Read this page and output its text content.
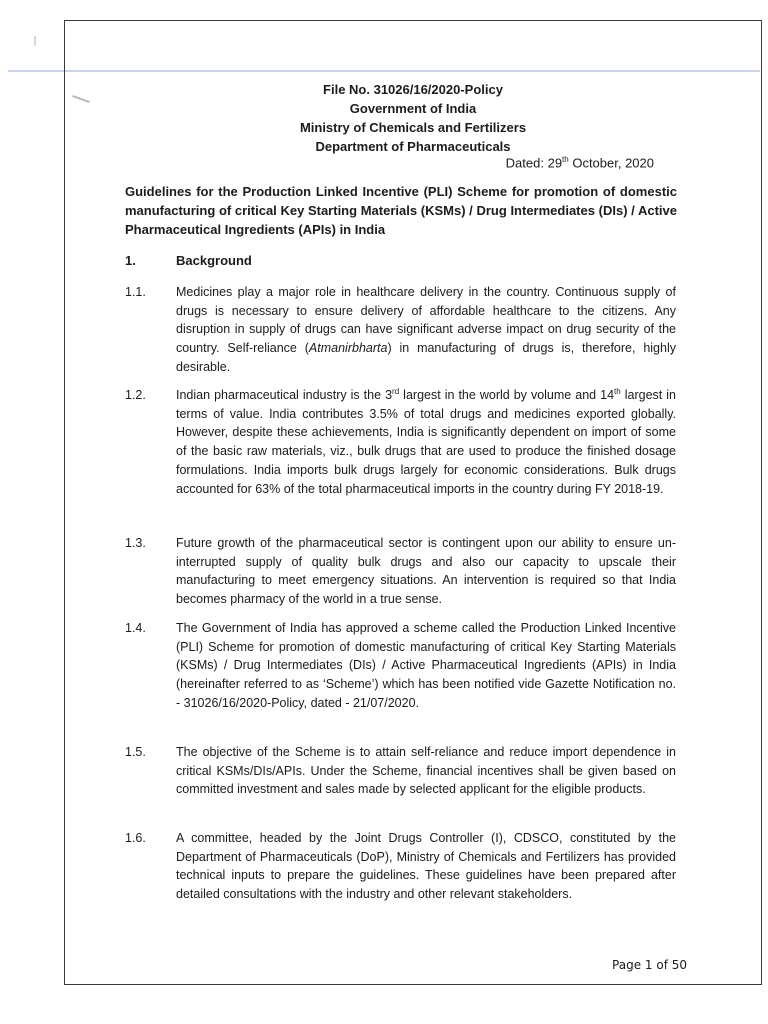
File No. 31026/16/2020-Policy
Government of India
Ministry of Chemicals and Fertilizers
Department of Pharmaceuticals
Dated: 29th October, 2020
Guidelines for the Production Linked Incentive (PLI) Scheme for promotion of domestic manufacturing of critical Key Starting Materials (KSMs) / Drug Intermediates (DIs) / Active Pharmaceutical Ingredients (APIs) in India
1.	Background
1.1. Medicines play a major role in healthcare delivery in the country. Continuous supply of drugs is necessary to ensure delivery of affordable healthcare to the citizens. Any disruption in supply of drugs can have significant adverse impact on drug security of the country. Self-reliance (Atmanirbharta) in manufacturing of drugs is, therefore, highly desirable.
1.2. Indian pharmaceutical industry is the 3rd largest in the world by volume and 14th largest in terms of value. India contributes 3.5% of total drugs and medicines exported globally. However, despite these achievements, India is significantly dependent on import of some of the basic raw materials, viz., bulk drugs that are used to produce the finished dosage formulations. India imports bulk drugs largely for economic considerations. Bulk drugs accounted for 63% of the total pharmaceutical imports in the country during FY 2018-19.
1.3. Future growth of the pharmaceutical sector is contingent upon our ability to ensure un-interrupted supply of quality bulk drugs and also our capacity to upscale their manufacturing to meet emergency situations. An intervention is required so that India becomes pharmacy of the world in a true sense.
1.4. The Government of India has approved a scheme called the Production Linked Incentive (PLI) Scheme for promotion of domestic manufacturing of critical Key Starting Materials (KSMs) / Drug Intermediates (DIs) / Active Pharmaceutical Ingredients (APIs) in India (hereinafter referred to as ‘Scheme’) which has been notified vide Gazette Notification no. - 31026/16/2020-Policy, dated - 21/07/2020.
1.5. The objective of the Scheme is to attain self-reliance and reduce import dependence in critical KSMs/DIs/APIs. Under the Scheme, financial incentives shall be given based on committed investment and sales made by selected applicant for the eligible products.
1.6. A committee, headed by the Joint Drugs Controller (I), CDSCO, constituted by the Department of Pharmaceuticals (DoP), Ministry of Chemicals and Fertilizers has provided technical inputs to prepare the guidelines. These guidelines have been prepared after detailed consultations with the industry and other relevant stakeholders.
Page 1 of 50
